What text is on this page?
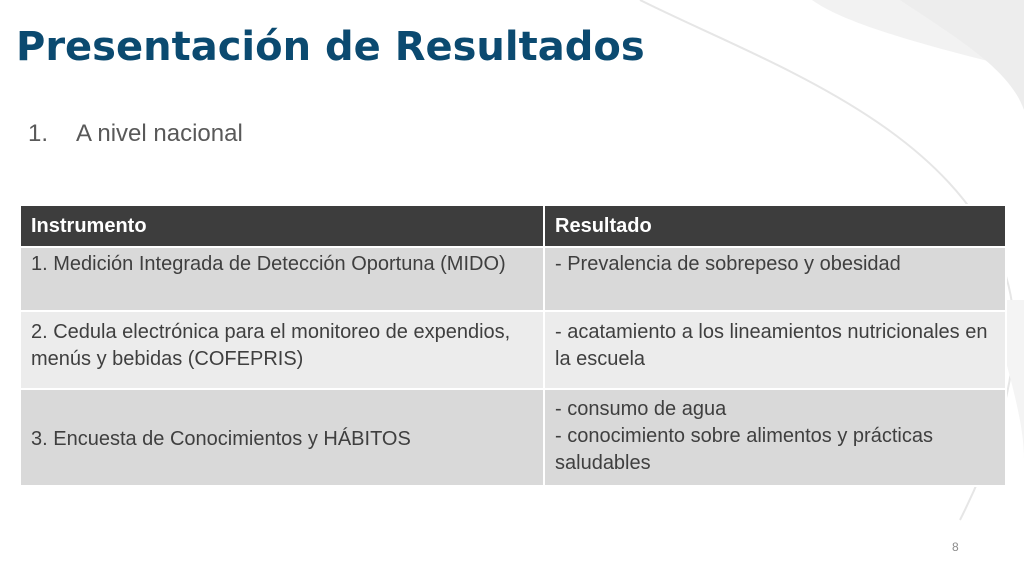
Presentación de Resultados
1. A nivel nacional
Instrumento	Resultado
1. Medición Integrada de Detección Oportuna (MIDO)	- Prevalencia de sobrepeso y obesidad

2. Cedula electrónica para el monitoreo de expendios, menús y bebidas (COFEPRIS)	- acatamiento a los lineamientos nutricionales en la escuela

3. Encuesta de Conocimientos y HÁBITOS	- consumo de agua
- conocimiento sobre alimentos y prácticas saludables
8
